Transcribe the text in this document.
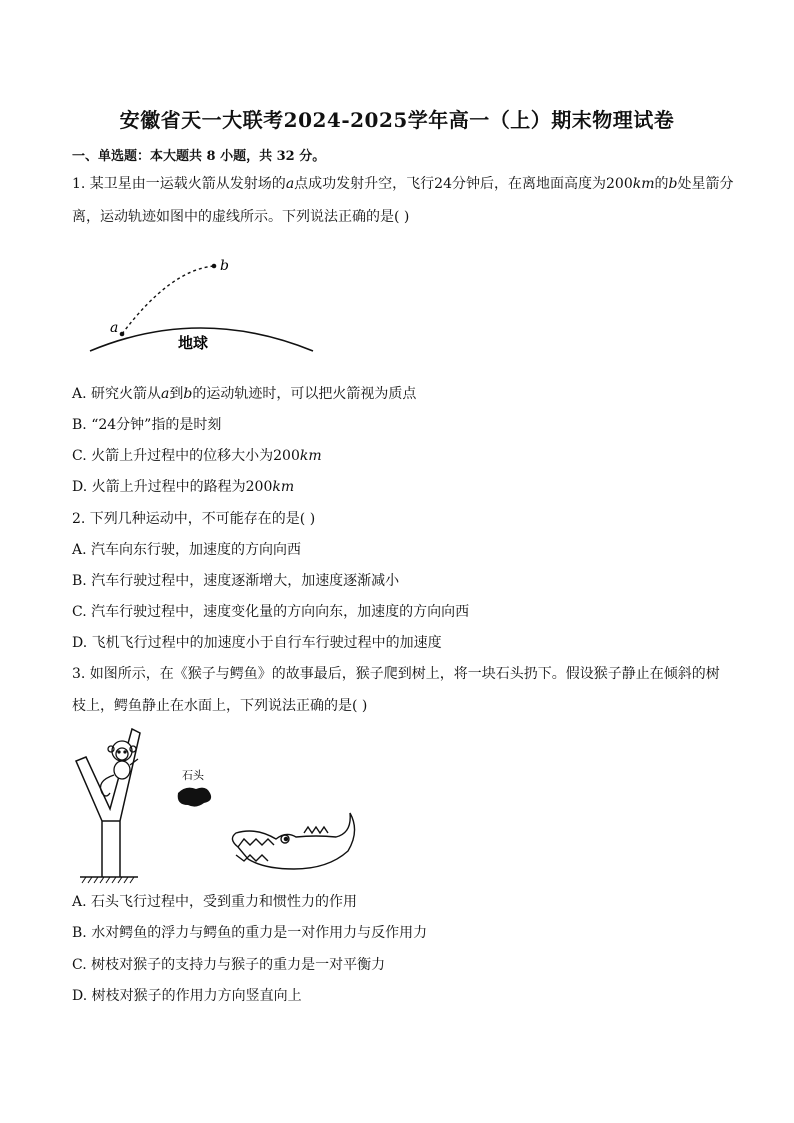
安徽省天一大联考2024-2025学年高一（上）期末物理试卷
一、单选题：本大题共 8 小题，共 32 分。
1. 某卫星由一运载火箭从发射场的a点成功发射升空，飞行24分钟后，在离地面高度为200km的b处星箭分
离，运动轨迹如图中的虚线所示。下列说法正确的是( )
a
b
地球
A. 研究火箭从a到b的运动轨迹时，可以把火箭视为质点
B. “24分钟”指的是时刻
C. 火箭上升过程中的位移大小为200km
D. 火箭上升过程中的路程为200km
2. 下列几种运动中，不可能存在的是( )
A. 汽车向东行驶，加速度的方向向西
B. 汽车行驶过程中，速度逐渐增大，加速度逐渐减小
C. 汽车行驶过程中，速度变化量的方向向东，加速度的方向向西
D. 飞机飞行过程中的加速度小于自行车行驶过程中的加速度
3. 如图所示，在《猴子与鳄鱼》的故事最后，猴子爬到树上，将一块石头扔下。假设猴子静止在倾斜的树
枝上，鳄鱼静止在水面上，下列说法正确的是( )
石头
A. 石头飞行过程中，受到重力和惯性力的作用
B. 水对鳄鱼的浮力与鳄鱼的重力是一对作用力与反作用力
C. 树枝对猴子的支持力与猴子的重力是一对平衡力
D. 树枝对猴子的作用力方向竖直向上
